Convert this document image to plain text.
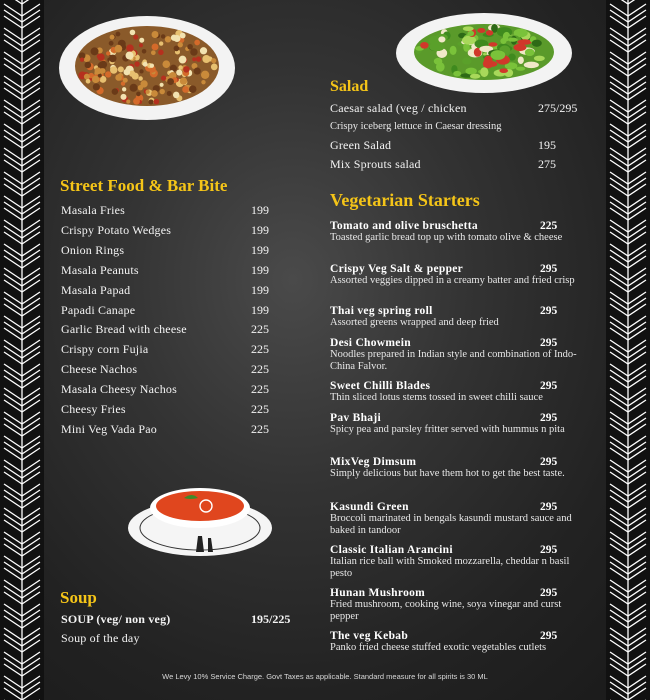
Street Food & Bar Bite
Masala Fries	199
Crispy Potato Wedges	199
Onion Rings	199
Masala Peanuts	199
Masala Papad	199
Papadi Canape	199
Garlic Bread with cheese	225
Crispy corn Fujia	225
Cheese Nachos	225
Masala Cheesy Nachos	225
Cheesy Fries	225
Mini Veg Vada Pao	225
Soup
SOUP (veg/ non veg)	195/225
Soup of the day
Salad
Caesar salad (veg / chicken	275/295
Crispy iceberg lettuce in Caesar dressing
Green Salad	195
Mix Sprouts salad	275
Vegetarian Starters
Tomato and olive bruschetta	225
Toasted garlic bread top up with tomato olive & cheese
Crispy Veg Salt & pepper	295
Assorted veggies dipped in a creamy batter and fried crisp
Thai veg spring roll	295
Assorted greens wrapped and deep fried
Desi Chowmein	295
Noodles prepared in Indian style and combination of Indo-China Falvor.
Sweet Chilli Blades	295
Thin sliced lotus stems tossed in sweet chilli sauce
Pav Bhaji	295
Spicy pea and parsley fritter served with hummus n pita
MixVeg Dimsum	295
Simply delicious but have them hot to get the best taste.
Kasundi Green	295
Broccoli marinated in bengals kasundi mustard sauce and baked in tandoor
Classic Italian Arancini	295
Italian rice ball with Smoked mozzarella, cheddar n basil pesto
Hunan Mushroom	295
Fried mushroom, cooking wine, soya vinegar and curst pepper
The veg Kebab	295
Panko fried cheese stuffed exotic vegetables cutlets
We Levy 10% Service Charge. Govt Taxes as applicable. Standard measure for all spirits is 30 ML
